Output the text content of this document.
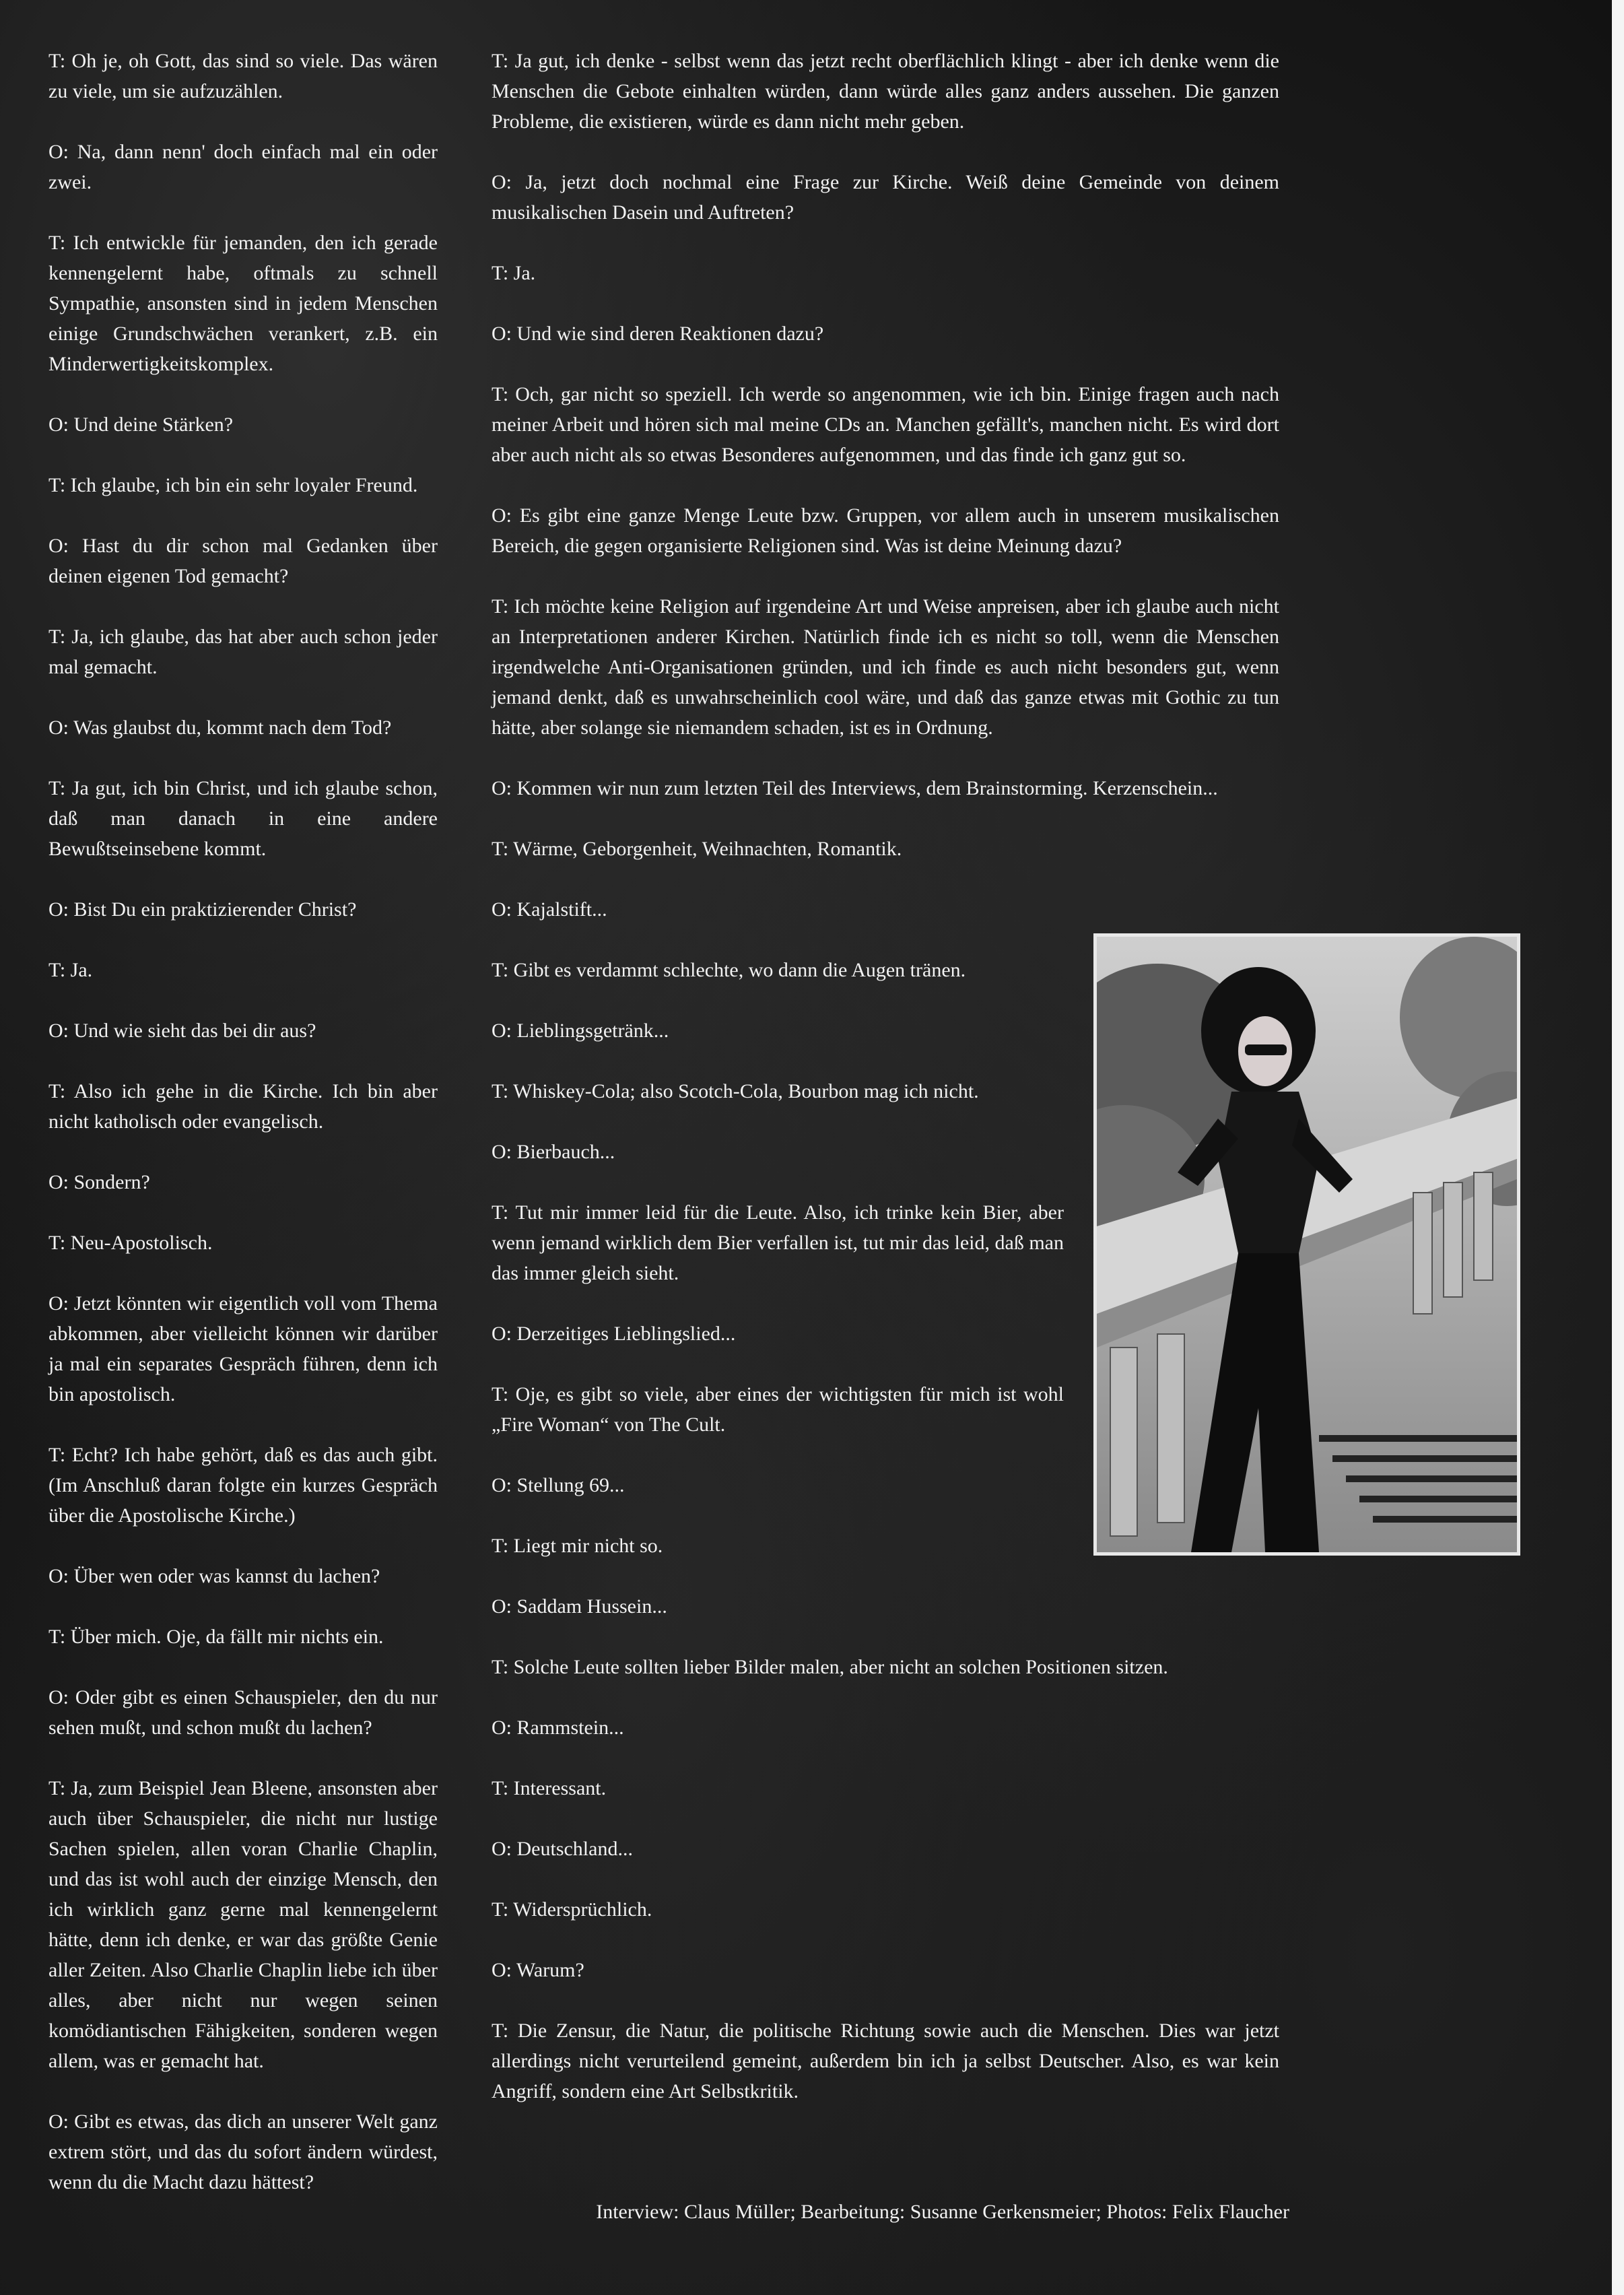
T: Oh je, oh Gott, das sind so viele. Das wären zu viele, um sie aufzuzählen.

O: Na, dann nenn' doch einfach mal ein oder zwei.

T: Ich entwickle für jemanden, den ich gerade kennengelernt habe, oftmals zu schnell Sympathie, ansonsten sind in jedem Menschen einige Grundschwächen verankert, z.B. ein Minderwertigkeitskomplex.

O: Und deine Stärken?

T: Ich glaube, ich bin ein sehr loyaler Freund.

O: Hast du dir schon mal Gedanken über deinen eigenen Tod gemacht?

T: Ja, ich glaube, das hat aber auch schon jeder mal gemacht.

O: Was glaubst du, kommt nach dem Tod?

T: Ja gut, ich bin Christ, und ich glaube schon, daß man danach in eine andere Bewußtseinsebene kommt.

O: Bist Du ein praktizierender Christ?

T: Ja.

O: Und wie sieht das bei dir aus?

T: Also ich gehe in die Kirche. Ich bin aber nicht katholisch oder evangelisch.

O: Sondern?

T: Neu-Apostolisch.

O: Jetzt könnten wir eigentlich voll vom Thema abkommen, aber vielleicht können wir darüber ja mal ein separates Gespräch führen, denn ich bin apostolisch.

T: Echt? Ich habe gehört, daß es das auch gibt. (Im Anschluß daran folgte ein kurzes Gespräch über die Apostolische Kirche.)

O: Über wen oder was kannst du lachen?

T: Über mich. Oje, da fällt mir nichts ein.

O: Oder gibt es einen Schauspieler, den du nur sehen mußt, und schon mußt du lachen?

T: Ja, zum Beispiel Jean Bleene, ansonsten aber auch über Schauspieler, die nicht nur lustige Sachen spielen, allen voran Charlie Chaplin, und das ist wohl auch der einzige Mensch, den ich wirklich ganz gerne mal kennengelernt hätte, denn ich denke, er war das größte Genie aller Zeiten. Also Charlie Chaplin liebe ich über alles, aber nicht nur wegen seinen komödiantischen Fähigkeiten, sonderen wegen allem, was er gemacht hat.

O: Gibt es etwas, das dich an unserer Welt ganz extrem stört, und das du sofort ändern würdest, wenn du die Macht dazu hättest?

T: Ja gut, ich denke - selbst wenn das jetzt recht oberflächlich klingt - aber ich denke wenn die Menschen die Gebote einhalten würden, dann würde alles ganz anders aussehen. Die ganzen Probleme, die existieren, würde es dann nicht mehr geben.

O: Ja, jetzt doch nochmal eine Frage zur Kirche. Weiß deine Gemeinde von deinem musikalischen Dasein und Auftreten?

T: Ja.

O: Und wie sind deren Reaktionen dazu?

T: Och, gar nicht so speziell. Ich werde so angenommen, wie ich bin. Einige fragen auch nach meiner Arbeit und hören sich mal meine CDs an. Manchen gefällt's, manchen nicht. Es wird dort aber auch nicht als so etwas Besonderes aufgenommen, und das finde ich ganz gut so.

O: Es gibt eine ganze Menge Leute bzw. Gruppen, vor allem auch in unserem musikalischen Bereich, die gegen organisierte Religionen sind. Was ist deine Meinung dazu?

T: Ich möchte keine Religion auf irgendeine Art und Weise anpreisen, aber ich glaube auch nicht an Interpretationen anderer Kirchen. Natürlich finde ich es nicht so toll, wenn die Menschen irgendwelche Anti-Organisationen gründen, und ich finde es auch nicht besonders gut, wenn jemand denkt, daß es unwahrscheinlich cool wäre, und daß das ganze etwas mit Gothic zu tun hätte, aber solange sie niemandem schaden, ist es in Ordnung.

O: Kommen wir nun zum letzten Teil des Interviews, dem Brainstorming. Kerzenschein...

T: Wärme, Geborgenheit, Weihnachten, Romantik.

O: Kajalstift...

T: Gibt es verdammt schlechte, wo dann die Augen tränen.

O: Lieblingsgetränk...

T: Whiskey-Cola; also Scotch-Cola, Bourbon mag ich nicht.

O: Bierbauch...

T: Tut mir immer leid für die Leute. Also, ich trinke kein Bier, aber wenn jemand wirklich dem Bier verfallen ist, tut mir das leid, daß man das immer gleich sieht.

O: Derzeitiges Lieblingslied...

T: Oje, es gibt so viele, aber eines der wichtigsten für mich ist wohl „Fire Woman“ von The Cult.

O: Stellung 69...

T: Liegt mir nicht so.

O: Saddam Hussein...

T: Solche Leute sollten lieber Bilder malen, aber nicht an solchen Positionen sitzen.

O: Rammstein...

T: Interessant.

O: Deutschland...

T: Widersprüchlich.

O: Warum?

T: Die Zensur, die Natur, die politische Richtung sowie auch die Menschen. Dies war jetzt allerdings nicht verurteilend gemeint, außerdem bin ich ja selbst Deutscher. Also, es war kein Angriff, sondern eine Art Selbstkritik.

Interview: Claus Müller; Bearbeitung: Susanne Gerkensmeier; Photos: Felix Flaucher
